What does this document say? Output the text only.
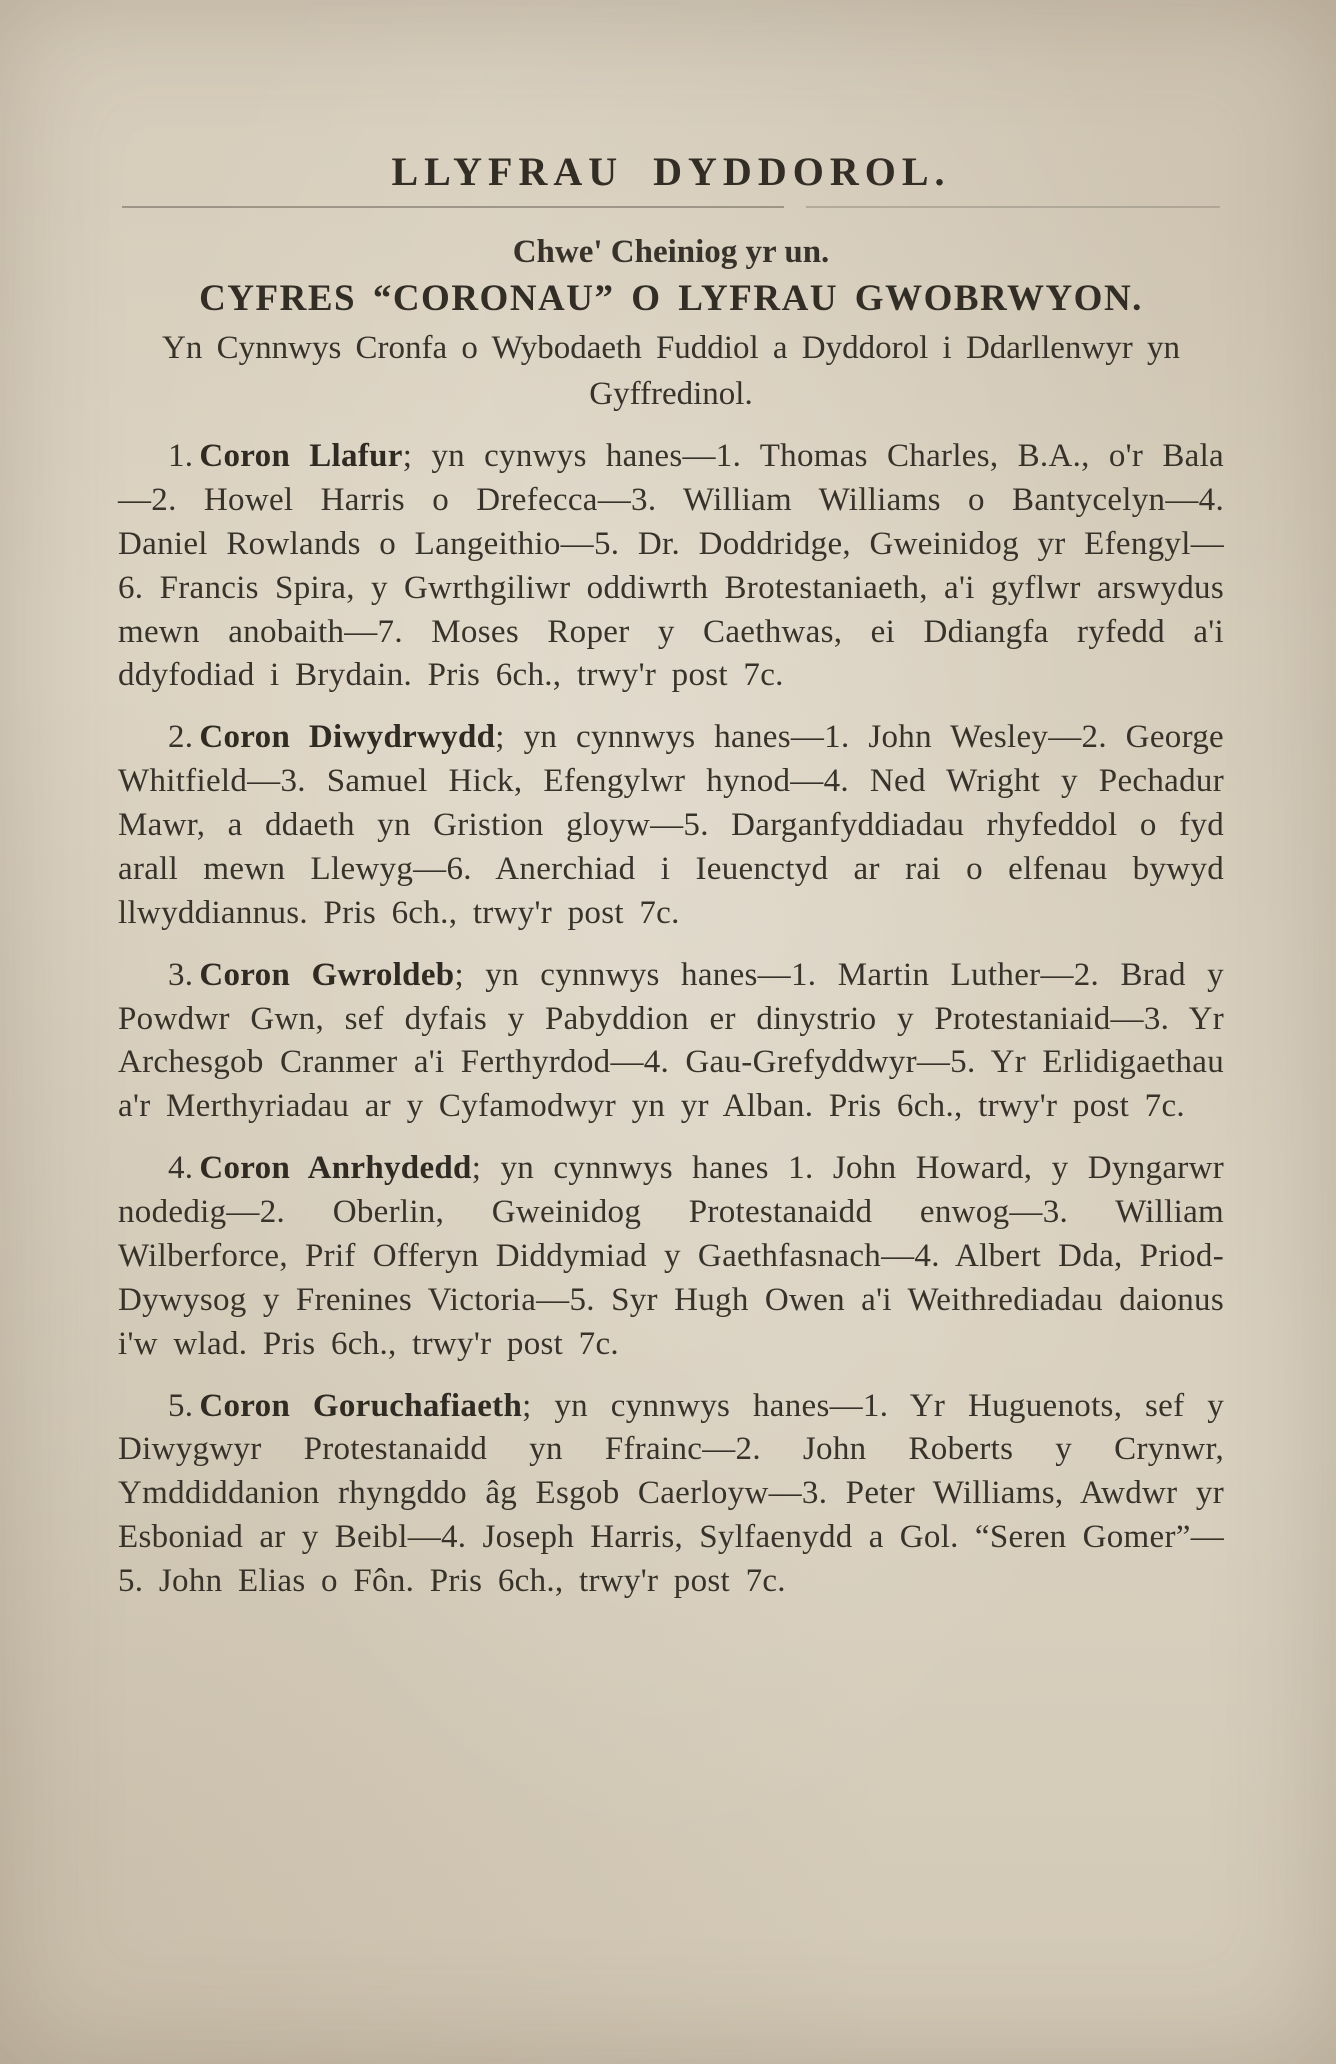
LLYFRAU DYDDOROL.

Chwe' Cheiniog yr un.

CYFRES “CORONAU” O LYFRAU GWOBRWYON.

Yn Cynnwys Cronfa o Wybodaeth Fuddiol a Dyddorol i Ddarllenwyr yn Gyffredinol.

1. Coron Llafur; yn cynwys hanes—1. Thomas Charles, B.A., o'r Bala—2. Howel Harris o Drefecca—3. William Williams o Bantycelyn—4. Daniel Rowlands o Langeithio—5. Dr. Doddridge, Gweinidog yr Efengyl—6. Francis Spira, y Gwrthgiliwr oddiwrth Brotestaniaeth, a'i gyflwr arswydus mewn anobaith—7. Moses Roper y Caethwas, ei Ddiangfa ryfedd a'i ddyfodiad i Brydain. Pris 6ch., trwy'r post 7c.

2. Coron Diwydrwydd; yn cynnwys hanes—1. John Wesley—2. George Whitfield—3. Samuel Hick, Efengylwr hynod—4. Ned Wright y Pechadur Mawr, a ddaeth yn Gristion gloyw—5. Darganfyddiadau rhyfeddol o fyd arall mewn Llewyg—6. Anerchiad i Ieuenctyd ar rai o elfenau bywyd llwyddiannus. Pris 6ch., trwy'r post 7c.

3. Coron Gwroldeb; yn cynnwys hanes—1. Martin Luther—2. Brad y Powdwr Gwn, sef dyfais y Pabyddion er dinystrio y Protestaniaid—3. Yr Archesgob Cranmer a'i Ferthyrdod—4. Gau-Grefyddwyr—5. Yr Erlidigaethau a'r Merthyriadau ar y Cyfamodwyr yn yr Alban. Pris 6ch., trwy'r post 7c.

4. Coron Anrhydedd; yn cynnwys hanes 1. John Howard, y Dyngarwr nodedig—2. Oberlin, Gweinidog Protestanaidd enwog—3. William Wilberforce, Prif Offeryn Diddymiad y Gaethfasnach—4. Albert Dda, Priod-Dywysog y Frenines Victoria—5. Syr Hugh Owen a'i Weithrediadau daionus i'w wlad. Pris 6ch., trwy'r post 7c.

5. Coron Goruchafiaeth; yn cynnwys hanes—1. Yr Huguenots, sef y Diwygwyr Protestanaidd yn Ffrainc—2. John Roberts y Crynwr, Ymddiddanion rhyngddo âg Esgob Caerloyw—3. Peter Williams, Awdwr yr Esboniad ar y Beibl—4. Joseph Harris, Sylfaenydd a Gol. “Seren Gomer”—5. John Elias o Fôn. Pris 6ch., trwy'r post 7c.
